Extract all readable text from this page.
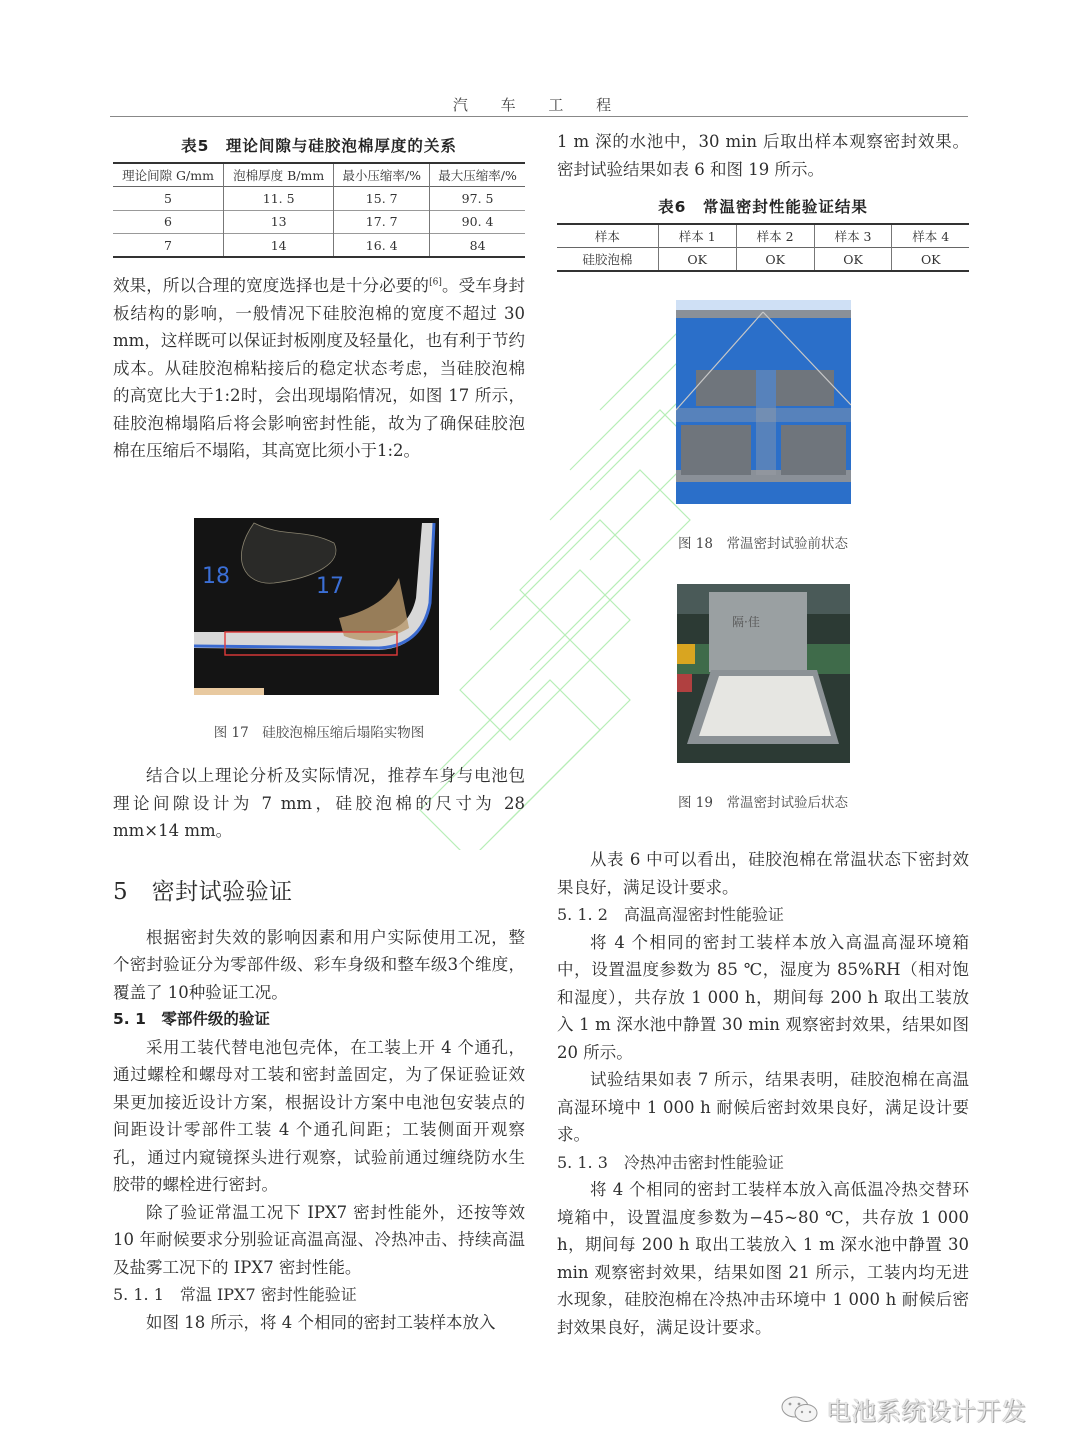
汽 车 工 程
表5　理论间隙与硅胶泡棉厚度的关系
理论间隙 G/mm	泡棉厚度 B/mm	最小压缩率/%	最大压缩率/%
5	11. 5	15. 7	97. 5
6	13	17. 7	90. 4
7	14	16. 4	84

效果，所以合理的宽度选择也是十分必要的[6]。受车身封板结构的影响，一般情况下硅胶泡棉的宽度不超过 30 mm，这样既可以保证封板刚度及轻量化，也有利于节约成本。从硅胶泡棉粘接后的稳定状态考虑，当硅胶泡棉的高宽比大于1:2时，会出现塌陷情况，如图 17 所示，硅胶泡棉塌陷后将会影响密封性能，故为了确保硅胶泡棉在压缩后不塌陷，其高宽比须小于1:2。

18	17
图 17　硅胶泡棉压缩后塌陷实物图

结合以上理论分析及实际情况，推荐车身与电池包理论间隙设计为 7 mm，硅胶泡棉的尺寸为 28 mm×14 mm。

5　密封试验验证

根据密封失效的影响因素和用户实际使用工况，整个密封验证分为零部件级、彩车身级和整车级3个维度，覆盖了 10种验证工况。

5. 1　零部件级的验证

采用工装代替电池包壳体，在工装上开 4 个通孔，通过螺栓和螺母对工装和密封盖固定，为了保证验证效果更加接近设计方案，根据设计方案中电池包安装点的间距设计零部件工装 4 个通孔间距；工装侧面开观察孔，通过内窥镜探头进行观察，试验前通过缠绕防水生胶带的螺栓进行密封。

除了验证常温工况下 IPX7 密封性能外，还按等效 10 年耐候要求分别验证高温高湿、冷热冲击、持续高温及盐雾工况下的 IPX7 密封性能。

5. 1. 1　常温 IPX7 密封性能验证

如图 18 所示，将 4 个相同的密封工装样本放入

1 m 深的水池中，30 min 后取出样本观察密封效果。密封试验结果如表 6 和图 19 所示。

表6　常温密封性能验证结果
样本	样本 1	样本 2	样本 3	样本 4
硅胶泡棉	OK	OK	OK	OK
图 18　常温密封试验前状态
隔·佳
图 19　常温密封试验后状态

从表 6 中可以看出，硅胶泡棉在常温状态下密封效果良好，满足设计要求。

5. 1. 2　高温高湿密封性能验证

将 4 个相同的密封工装样本放入高温高湿环境箱中，设置温度参数为 85 ℃，湿度为 85%RH（相对饱和湿度），共存放 1 000 h，期间每 200 h 取出工装放入 1 m 深水池中静置 30 min 观察密封效果，结果如图 20 所示。

试验结果如表 7 所示，结果表明，硅胶泡棉在高温高湿环境中 1 000 h 耐候后密封效果良好，满足设计要求。

5. 1. 3　冷热冲击密封性能验证

将 4 个相同的密封工装样本放入高低温冷热交替环境箱中，设置温度参数为−45~80 ℃，共存放 1 000 h，期间每 200 h 取出工装放入 1 m 深水池中静置 30 min 观察密封效果，结果如图 21 所示，工装内均无进水现象，硅胶泡棉在冷热冲击环境中 1 000 h 耐候后密封效果良好，满足设计要求。

电池系统设计开发
